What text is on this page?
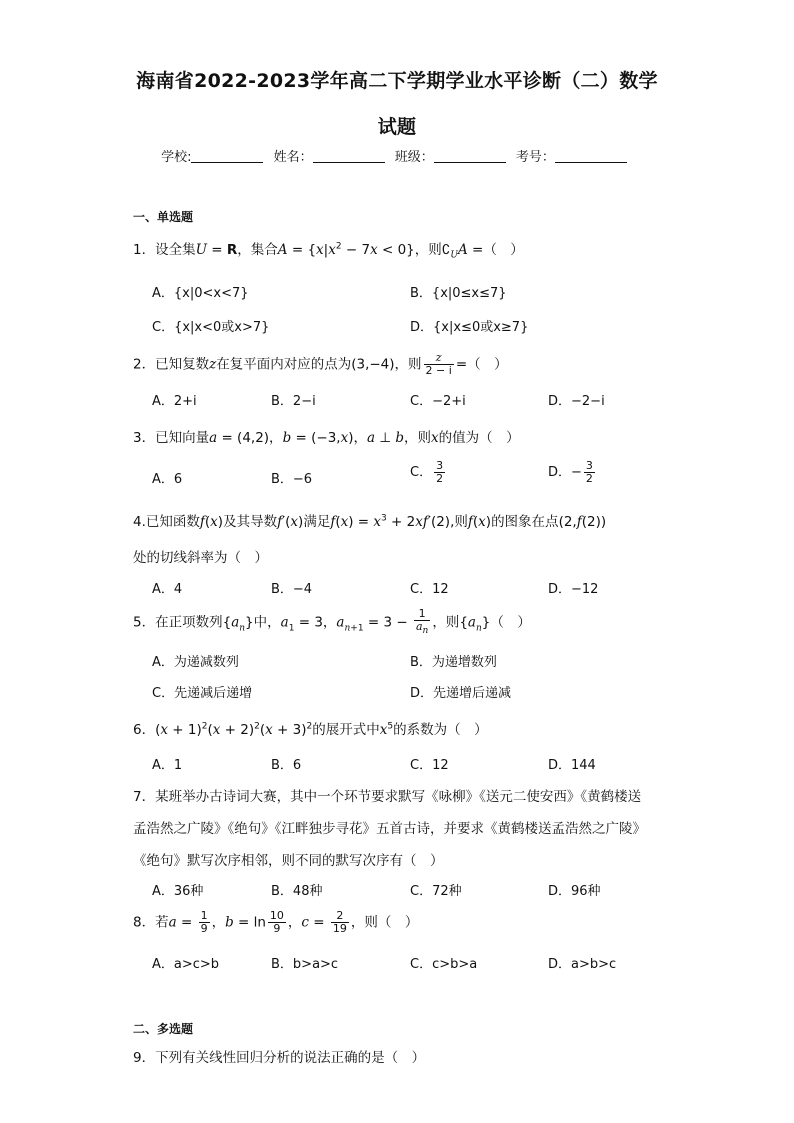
海南省2022-2023学年高二下学期学业水平诊断（二）数学
试题
学校:	姓名：	班级：	考号：
一、单选题
1．设全集U = R，集合$A = \{x|x^2 - 7x < 0\}$，则$∁_UA$ =（　）
A．{x|0<x<7}	B．{x|0≤x≤7}
C．{x|x<0或x>7}	D．{x|x≤0或x≥7}
2．已知复数z在复平面内对应的点为(3,−4)，则 $\frac{z}{2 - i}$ =（　）
A．2+i	B．2−i	C．−2+i	D．−2−i
3．已知向量a = (4,2)，b = (−3,x)，a ⊥ b，则x的值为（　）
A．6	B．−6	C． $\frac{3}{2}$	D．− $\frac{3}{2}$
4.已知函数f(x)及其导数f′(x)满足$f(x) = x^3 + 2xf'(2)$,则f(x)的图象在点(2,f(2))
处的切线斜率为（　）
A．4	B．−4	C．12	D．−12
5．在正项数列$\{a_n\}$中，$a_1 = 3$，$a_{n+1} = 3 - \frac{1}{a_n}$ ，则$\{a_n\}$（　）
A．为递减数列	B．为递增数列
C．先递减后递增	D．先递增后递减
6．$(x + 1)^2(x + 2)^2(x + 3)^2$的展开式中$x^5$的系数为（　）
A．1	B．6	C．12	D．144
7．某班举办古诗词大赛，其中一个环节要求默写《咏柳》《送元二使安西》《黄鹤楼送
孟浩然之广陵》《绝句》《江畔独步寻花》五首古诗，并要求《黄鹤楼送孟浩然之广陵》
《绝句》默写次序相邻，则不同的默写次序有（　）
A．36种	B．48种	C．72种	D．96种
8．若$a = \frac{1}{9}$ ，$b = \ln \frac{10}{9}$ ，$c = \frac{2}{19}$ ，则（　）
A．a>c>b	B．b>a>c	C．c>b>a	D．a>b>c
二、多选题
9．下列有关线性回归分析的说法正确的是（　）
